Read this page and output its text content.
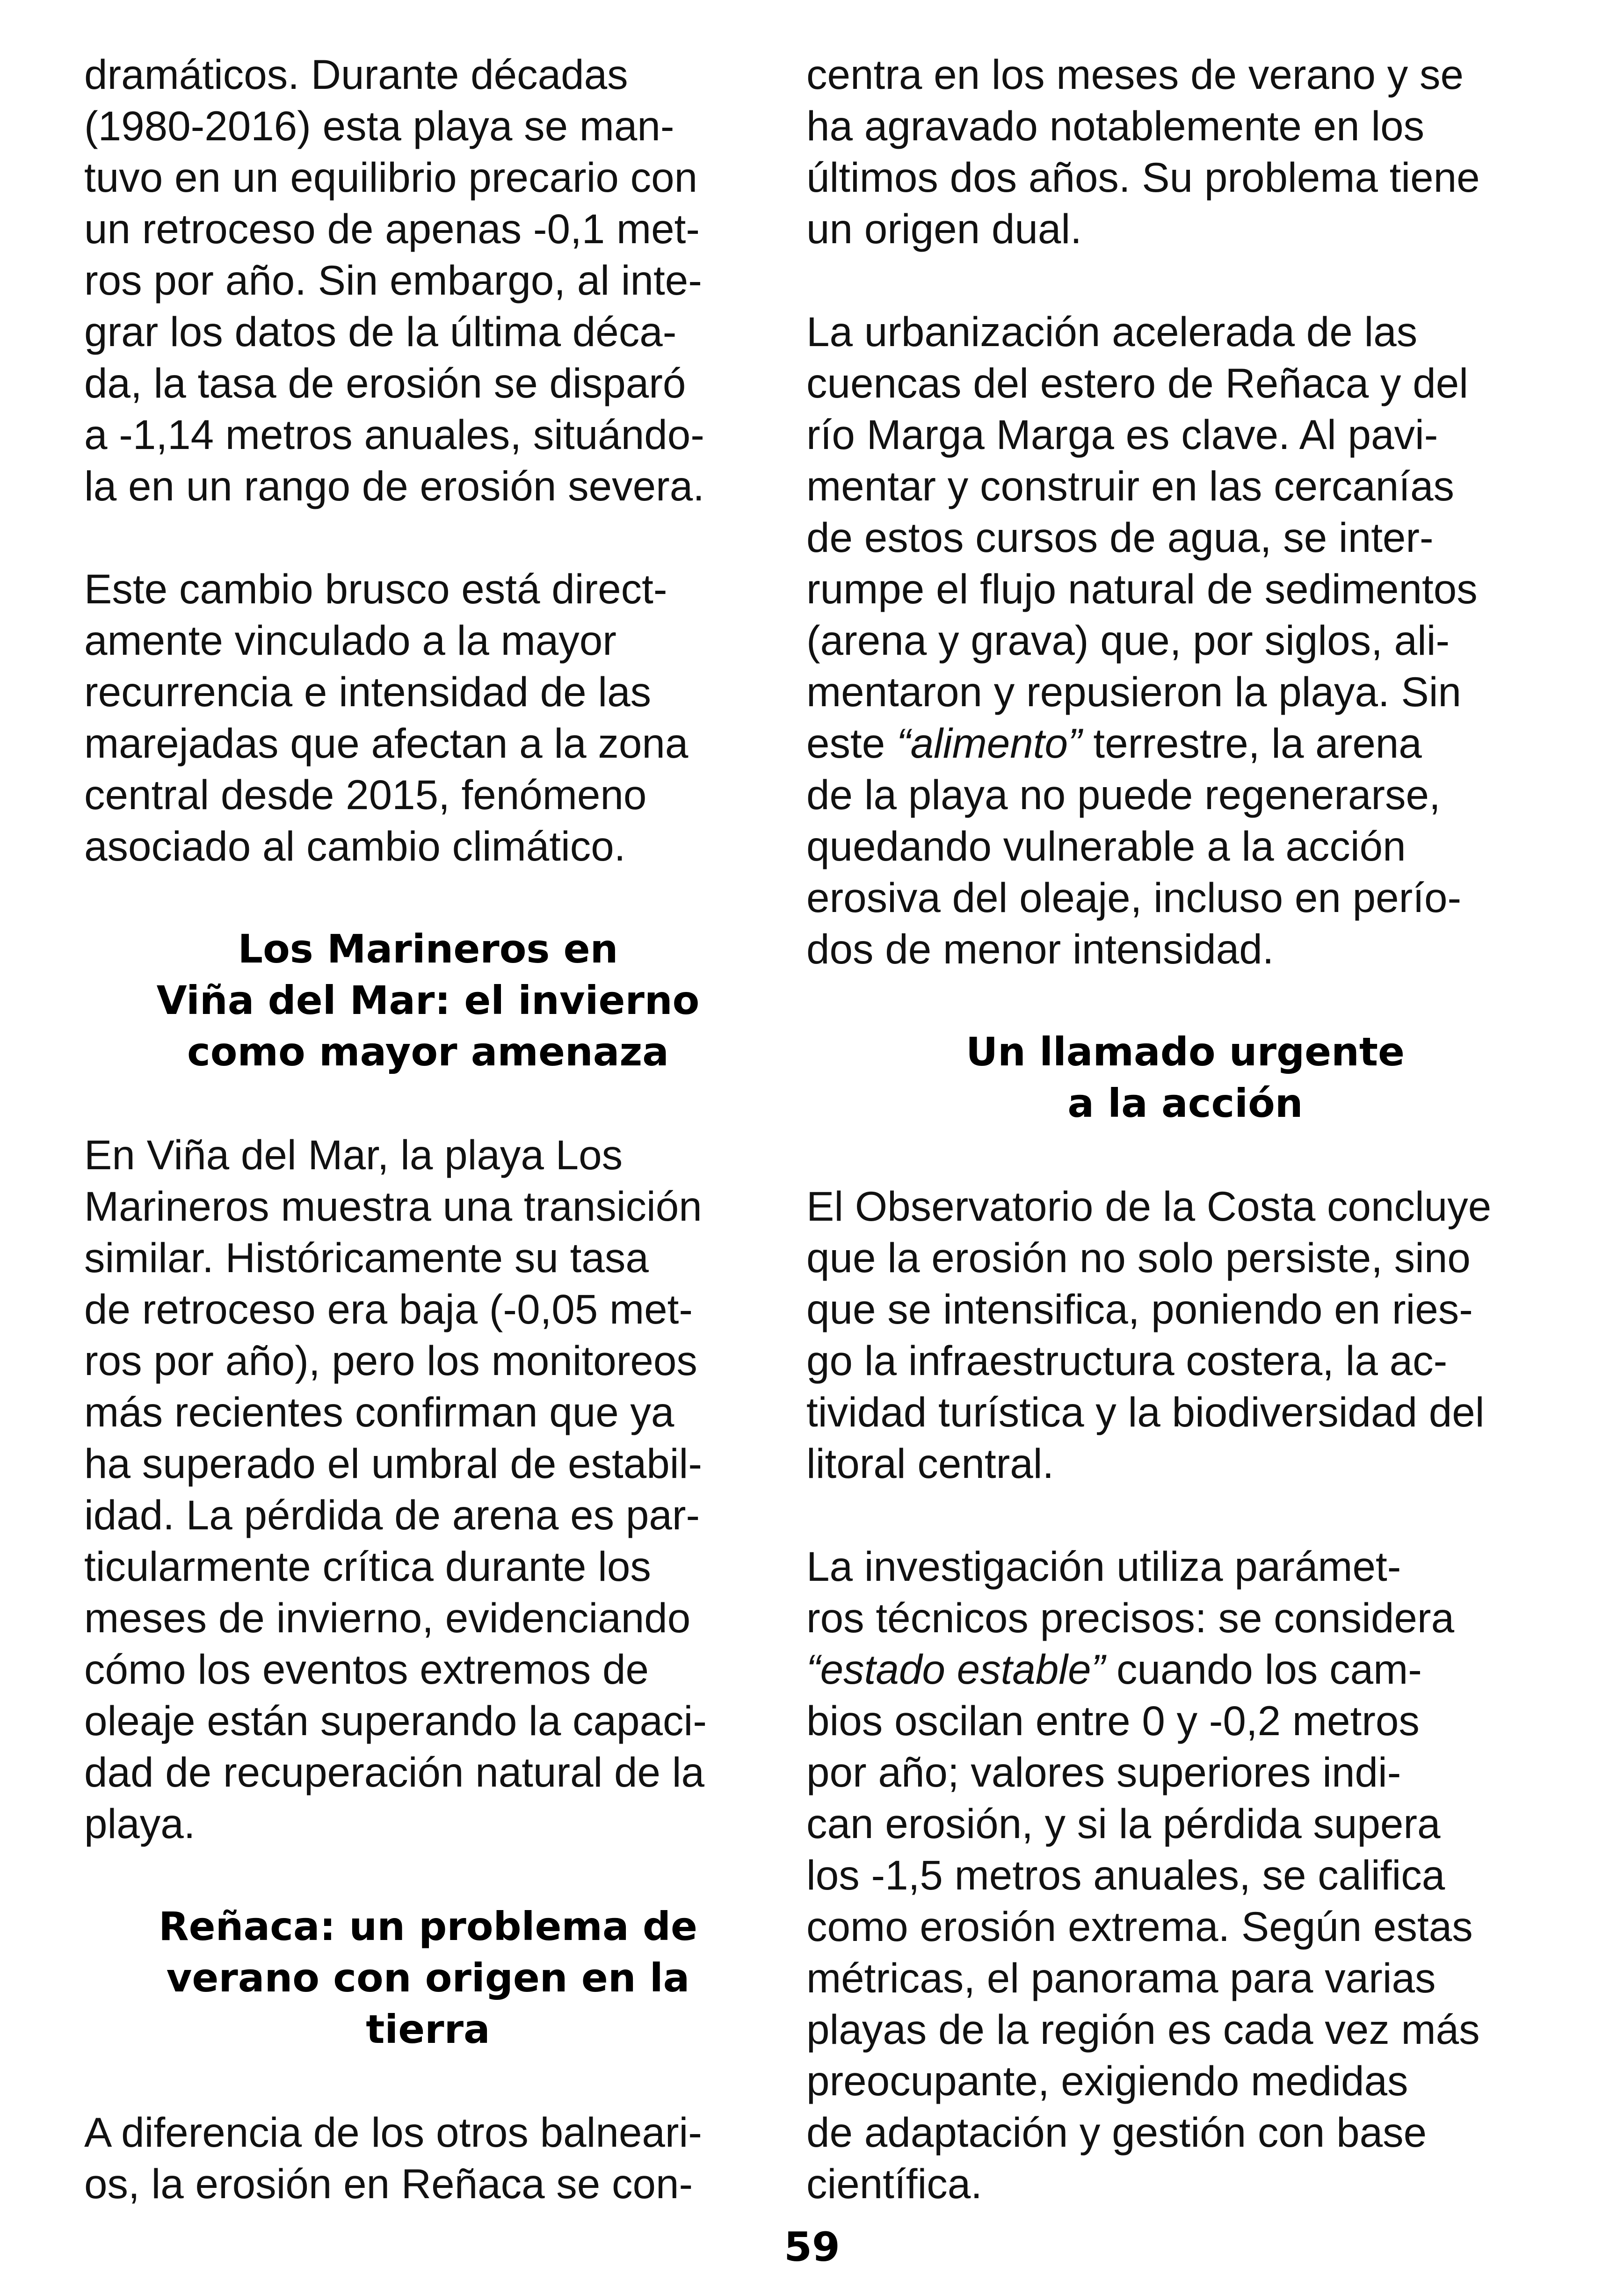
dramáticos. Durante décadas
(1980-2016) esta playa se man-
tuvo en un equilibrio precario con
un retroceso de apenas -0,1 met-
ros por año. Sin embargo, al inte-
grar los datos de la última déca-
da, la tasa de erosión se disparó
a -1,14 metros anuales, situándo-
la en un rango de erosión severa.
Este cambio brusco está direct-
amente vinculado a la mayor
recurrencia e intensidad de las
marejadas que afectan a la zona
central desde 2015, fenómeno
asociado al cambio climático.
Los Marineros en
Viña del Mar: el invierno
como mayor amenaza
En Viña del Mar, la playa Los
Marineros muestra una transición
similar. Históricamente su tasa
de retroceso era baja (-0,05 met-
ros por año), pero los monitoreos
más recientes confirman que ya
ha superado el umbral de estabil-
idad. La pérdida de arena es par-
ticularmente crítica durante los
meses de invierno, evidenciando
cómo los eventos extremos de
oleaje están superando la capaci-
dad de recuperación natural de la
playa.
Reñaca: un problema de
verano con origen en la
tierra
A diferencia de los otros balneari-
os, la erosión en Reñaca se con-
centra en los meses de verano y se
ha agravado notablemente en los
últimos dos años. Su problema tiene
un origen dual.
La urbanización acelerada de las
cuencas del estero de Reñaca y del
río Marga Marga es clave. Al pavi-
mentar y construir en las cercanías
de estos cursos de agua, se inter-
rumpe el flujo natural de sedimentos
(arena y grava) que, por siglos, ali-
mentaron y repusieron la playa. Sin
este “alimento” terrestre, la arena
de la playa no puede regenerarse,
quedando vulnerable a la acción
erosiva del oleaje, incluso en perío-
dos de menor intensidad.
Un llamado urgente
a la acción
El Observatorio de la Costa concluye
que la erosión no solo persiste, sino
que se intensifica, poniendo en ries-
go la infraestructura costera, la ac-
tividad turística y la biodiversidad del
litoral central.
La investigación utiliza parámet-
ros técnicos precisos: se considera
“estado estable” cuando los cam-
bios oscilan entre 0 y -0,2 metros
por año; valores superiores indi-
can erosión, y si la pérdida supera
los -1,5 metros anuales, se califica
como erosión extrema. Según estas
métricas, el panorama para varias
playas de la región es cada vez más
preocupante, exigiendo medidas
de adaptación y gestión con base
científica.
59
